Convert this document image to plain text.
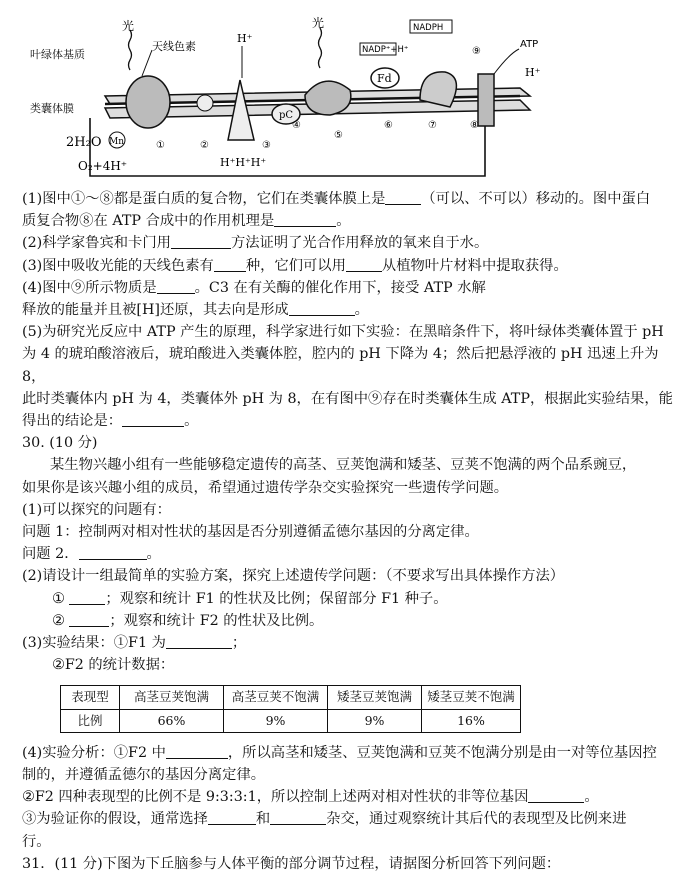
叶绿体基质
类囊体膜
光	光
天线色素
H⁺
Fd
pC
NADPH
NADP⁺+H⁺	ATP
H⁺
Mn
2H₂O
O₂+4H⁺	H⁺H⁺H⁺
①	②	③
④
⑤
⑥	⑦	⑧
⑨

(1)图中①～⑧都是蛋白质的复合物，它们在类囊体膜上是	（可以、不可以）移动的。图中蛋白

质复合物⑧在 ATP 合成中的作用机理是	。

(2)科学家鲁宾和卡门用	方法证明了光合作用释放的氧来自于水。

(3)图中吸收光能的天线色素有 种，它们可以用	从植物叶片材料中提取获得。

(4)图中⑨所示物质是	。C3 在有关酶的催化作用下，接受 ATP 水解

释放的能量并且被[H]还原，其去向是形成	。

(5)为研究光反应中 ATP 产生的原理，科学家进行如下实验：在黑暗条件下，将叶绿体类囊体置于 pH

为 4 的琥珀酸溶液后，琥珀酸进入类囊体腔，腔内的 pH 下降为 4；然后把悬浮液的 pH 迅速上升为 8，

此时类囊体内 pH 为 4，类囊体外 pH 为 8，在有图中⑨存在时类囊体生成 ATP，根据此实验结果，能

得出的结论是：	。

30. (10 分)

某生物兴趣小组有一些能够稳定遗传的高茎、豆荚饱满和矮茎、豆荚不饱满的两个品系豌豆，

如果你是该兴趣小组的成员，希望通过遗传学杂交实验探究一些遗传学问题。

(1)可以探究的问题有：

问题 1：控制两对相对性状的基因是否分别遵循孟德尔基因的分离定律。

问题 2．	。

(2)请设计一组最简单的实验方案，探究上述遗传学问题：（不要求写出具体操作方法）

①	；观察和统计 F1 的性状及比例；保留部分 F1 种子。

②	；观察和统计 F2 的性状及比例。

(3)实验结果：①F1 为	；

②F2 的统计数据：

表现型	高茎豆荚饱满	高茎豆荚不饱满	矮茎豆荚饱满	矮茎豆荚不饱满
比例	66%	9%	9%	16%

(4)实验分析：①F2 中	，所以高茎和矮茎、豆荚饱满和豆荚不饱满分别是由一对等位基因控

制的，并遵循孟德尔的基因分离定律。

②F2 四种表现型的比例不是 9:3:3:1，所以控制上述两对相对性状的非等位基因	。

③为验证你的假设，通常选择	和	杂交，通过观察统计其后代的表现型及比例来进

行。

31．(11 分)下图为下丘脑参与人体平衡的部分调节过程，请据图分析回答下列问题：
